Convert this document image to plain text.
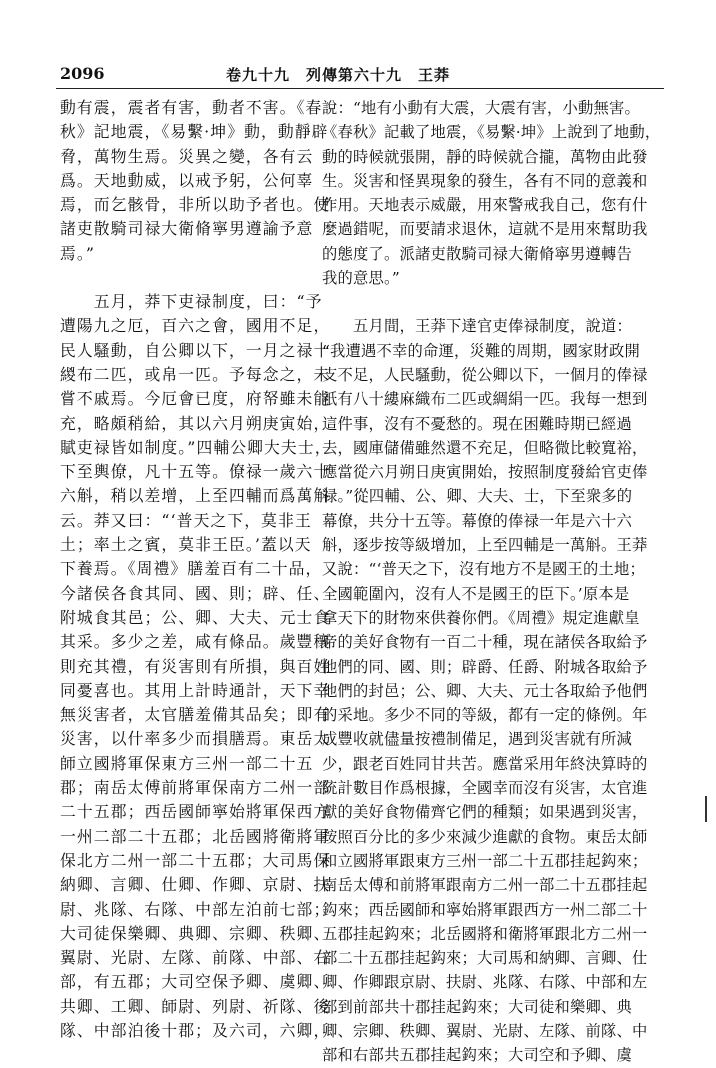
2096	卷九十九　列傳第六十九　王莽

動有震，震者有害，動者不害。《春

秋》記地震，《易繫·坤》動，動靜辟

脅，萬物生焉。災異之變，各有云

爲。天地動威，以戒予躬，公何辜

焉，而乞骸骨，非所以助予者也。使

諸吏散騎司禄大衛脩寧男遵諭予意

焉。”

　　五月，莽下吏禄制度，曰：“予

遭陽九之厄，百六之會，國用不足，

民人騷動，自公卿以下，一月之禄十

緵布二匹，或帛一匹。予每念之，未

嘗不戚焉。今厄會已度，府帑雖未能

充，略頗稍給，其以六月朔庚寅始，

賦吏禄皆如制度。”四輔公卿大夫士，

下至輿僚，凡十五等。僚禄一歲六十

六斛，稍以差增，上至四輔而爲萬斛

云。莽又曰：“‘普天之下，莫非王

土；率土之賓，莫非王臣。’蓋以天

下養焉。《周禮》膳羞百有二十品，

今諸侯各食其同、國、則；辟、任、

附城食其邑；公、卿、大夫、元士食

其采。多少之差，咸有條品。歲豐穰

則充其禮，有災害則有所損，與百姓

同憂喜也。其用上計時通計，天下幸

無災害者，太官膳羞備其品矣；即有

災害，以什率多少而損膳焉。東岳太

師立國將軍保東方三州一部二十五

郡；南岳太傅前將軍保南方二州一部

二十五郡；西岳國師寧始將軍保西方

一州二部二十五郡；北岳國將衛將軍

保北方二州一部二十五郡；大司馬保

納卿、言卿、仕卿、作卿、京尉、扶

尉、兆隊、右隊、中部左泊前七部；

大司徒保樂卿、典卿、宗卿、秩卿、

翼尉、光尉、左隊、前隊、中部、右

部，有五郡；大司空保予卿、虞卿、

共卿、工卿、師尉、列尉、祈隊、後

隊、中部泊後十郡；及六司，六卿，

說：“地有小動有大震，大震有害，小動無害。

《春秋》記載了地震，《易繫·坤》上說到了地動，

動的時候就張開，靜的時候就合攏，萬物由此發

生。災害和怪異現象的發生，各有不同的意義和

作用。天地表示威嚴，用來警戒我自己，您有什

麼過錯呢，而要請求退休，這就不是用來幫助我

的態度了。派諸吏散騎司禄大衛脩寧男遵轉告

我的意思。”

　　五月間，王莽下達官吏俸禄制度，說道：

“我遭遇不幸的命運，災難的周期，國家財政開

支不足，人民騷動，從公卿以下，一個月的俸禄

祇有八十縷麻織布二匹或綢絹一匹。我每一想到

這件事，沒有不憂愁的。現在困難時期已經過

去，國庫儲備雖然還不充足，但略微比較寬裕，

應當從六月朔日庚寅開始，按照制度發給官吏俸

禄。”從四輔、公、卿、大夫、士，下至衆多的

幕僚，共分十五等。幕僚的俸禄一年是六十六

斛，逐步按等級增加，上至四輔是一萬斛。王莽

又說：“‘普天之下，沒有地方不是國王的土地；

全國範圍內，沒有人不是國王的臣下。’原本是

拿天下的財物來供養你們。《周禮》規定進獻皇

帝的美好食物有一百二十種，現在諸侯各取給予

他們的同、國、則；辟爵、任爵、附城各取給予

他們的封邑；公、卿、大夫、元士各取給予他們

的采地。多少不同的等級，都有一定的條例。年

成豐收就儘量按禮制備足，遇到災害就有所減

少，跟老百姓同甘共苦。應當采用年終決算時的

統計數目作爲根據，全國幸而沒有災害，太官進

獻的美好食物備齊它們的種類；如果遇到災害，

按照百分比的多少來減少進獻的食物。東岳太師

和立國將軍跟東方三州一部二十五郡挂起鈎來；

南岳太傅和前將軍跟南方二州一部二十五郡挂起

鈎來；西岳國師和寧始將軍跟西方一州二部二十

五郡挂起鈎來；北岳國將和衛將軍跟北方二州一

部二十五郡挂起鈎來；大司馬和納卿、言卿、仕

卿、作卿跟京尉、扶尉、兆隊、右隊、中部和左

部到前部共十郡挂起鈎來；大司徒和樂卿、典

卿、宗卿、秩卿、翼尉、光尉、左隊、前隊、中

部和右部共五郡挂起鈎來；大司空和予卿、虞
